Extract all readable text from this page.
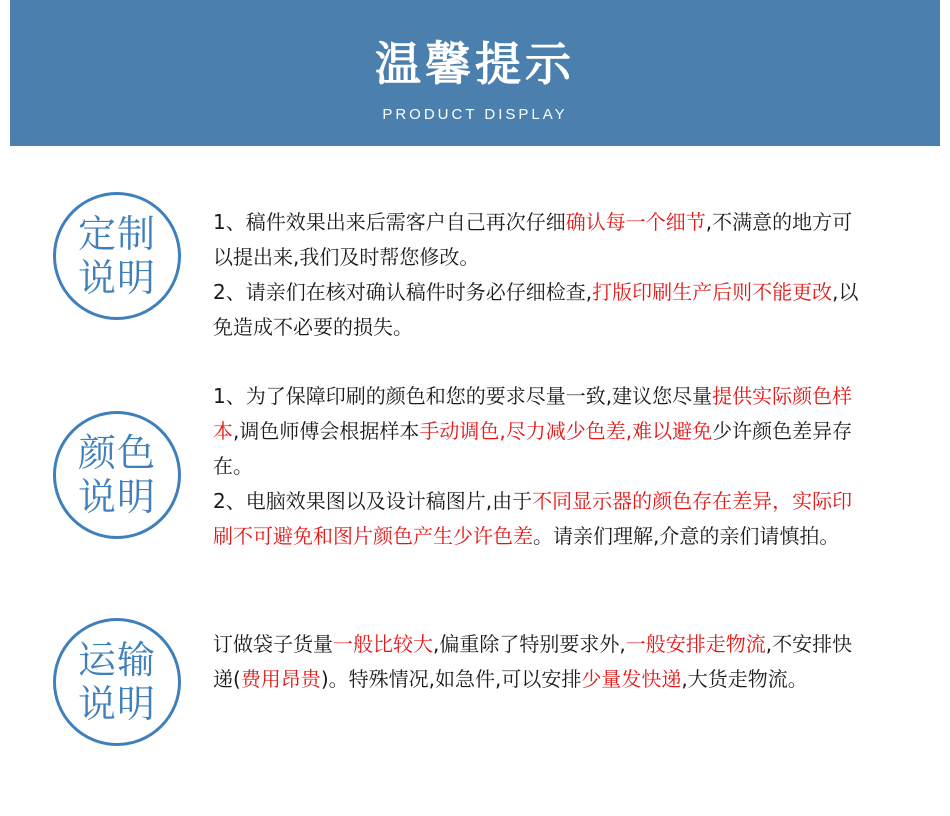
温馨提示
PRODUCT DISPLAY
定制
说明

1、稿件效果出来后需客户自己再次仔细确认每一个细节,不满意的地方可以提出来,我们及时帮您修改。

2、请亲们在核对确认稿件时务必仔细检查,打版印刷生产后则不能更改,以免造成不必要的损失。

颜色
说明

1、为了保障印刷的颜色和您的要求尽量一致,建议您尽量提供实际颜色样本,调色师傅会根据样本手动调色,尽力减少色差,难以避免少许颜色差异存在。

2、电脑效果图以及设计稿图片,由于不同显示器的颜色存在差异，实际印刷不可避免和图片颜色产生少许色差。请亲们理解,介意的亲们请慎拍。

运输
说明

订做袋子货量一般比较大,偏重除了特别要求外,一般安排走物流,不安排快递(费用昂贵)。特殊情况,如急件,可以安排少量发快递,大货走物流。
